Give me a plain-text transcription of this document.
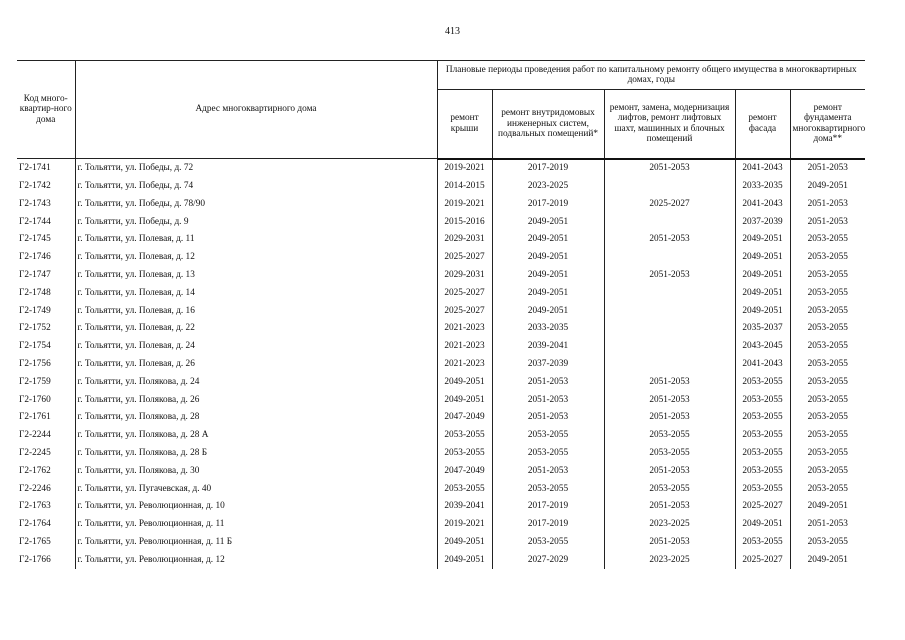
413
Код много-квартир-ного дома	Адрес многоквартирного дома	Плановые периоды проведения работ по капитальному ремонту общего имущества в многоквартирных домах, годы				
		ремонт крыши	ремонт внутридомовых инженерных систем, подвальных помещений*	ремонт, замена, модернизация лифтов, ремонт лифтовых шахт, машинных и блочных помещений	ремонт фасада	ремонт фундамента многоквартирного дома**
Г2-1741	г. Тольятти, ул. Победы, д. 72	2019-2021	2017-2019	2051-2053	2041-2043	2051-2053
Г2-1742	г. Тольятти, ул. Победы, д. 74	2014-2015	2023-2025		2033-2035	2049-2051
Г2-1743	г. Тольятти, ул. Победы, д. 78/90	2019-2021	2017-2019	2025-2027	2041-2043	2051-2053
Г2-1744	г. Тольятти, ул. Победы, д. 9	2015-2016	2049-2051		2037-2039	2051-2053
Г2-1745	г. Тольятти, ул. Полевая, д. 11	2029-2031	2049-2051	2051-2053	2049-2051	2053-2055
Г2-1746	г. Тольятти, ул. Полевая, д. 12	2025-2027	2049-2051		2049-2051	2053-2055
Г2-1747	г. Тольятти, ул. Полевая, д. 13	2029-2031	2049-2051	2051-2053	2049-2051	2053-2055
Г2-1748	г. Тольятти, ул. Полевая, д. 14	2025-2027	2049-2051		2049-2051	2053-2055
Г2-1749	г. Тольятти, ул. Полевая, д. 16	2025-2027	2049-2051		2049-2051	2053-2055
Г2-1752	г. Тольятти, ул. Полевая, д. 22	2021-2023	2033-2035		2035-2037	2053-2055
Г2-1754	г. Тольятти, ул. Полевая, д. 24	2021-2023	2039-2041		2043-2045	2053-2055
Г2-1756	г. Тольятти, ул. Полевая, д. 26	2021-2023	2037-2039		2041-2043	2053-2055
Г2-1759	г. Тольятти, ул. Полякова, д. 24	2049-2051	2051-2053	2051-2053	2053-2055	2053-2055
Г2-1760	г. Тольятти, ул. Полякова, д. 26	2049-2051	2051-2053	2051-2053	2053-2055	2053-2055
Г2-1761	г. Тольятти, ул. Полякова, д. 28	2047-2049	2051-2053	2051-2053	2053-2055	2053-2055
Г2-2244	г. Тольятти, ул. Полякова, д. 28 А	2053-2055	2053-2055	2053-2055	2053-2055	2053-2055
Г2-2245	г. Тольятти, ул. Полякова, д. 28 Б	2053-2055	2053-2055	2053-2055	2053-2055	2053-2055
Г2-1762	г. Тольятти, ул. Полякова, д. 30	2047-2049	2051-2053	2051-2053	2053-2055	2053-2055
Г2-2246	г. Тольятти, ул. Пугачевская, д. 40	2053-2055	2053-2055	2053-2055	2053-2055	2053-2055
Г2-1763	г. Тольятти, ул. Революционная, д. 10	2039-2041	2017-2019	2051-2053	2025-2027	2049-2051
Г2-1764	г. Тольятти, ул. Революционная, д. 11	2019-2021	2017-2019	2023-2025	2049-2051	2051-2053
Г2-1765	г. Тольятти, ул. Революционная, д. 11 Б	2049-2051	2053-2055	2051-2053	2053-2055	2053-2055
Г2-1766	г. Тольятти, ул. Революционная, д. 12	2049-2051	2027-2029	2023-2025	2025-2027	2049-2051
